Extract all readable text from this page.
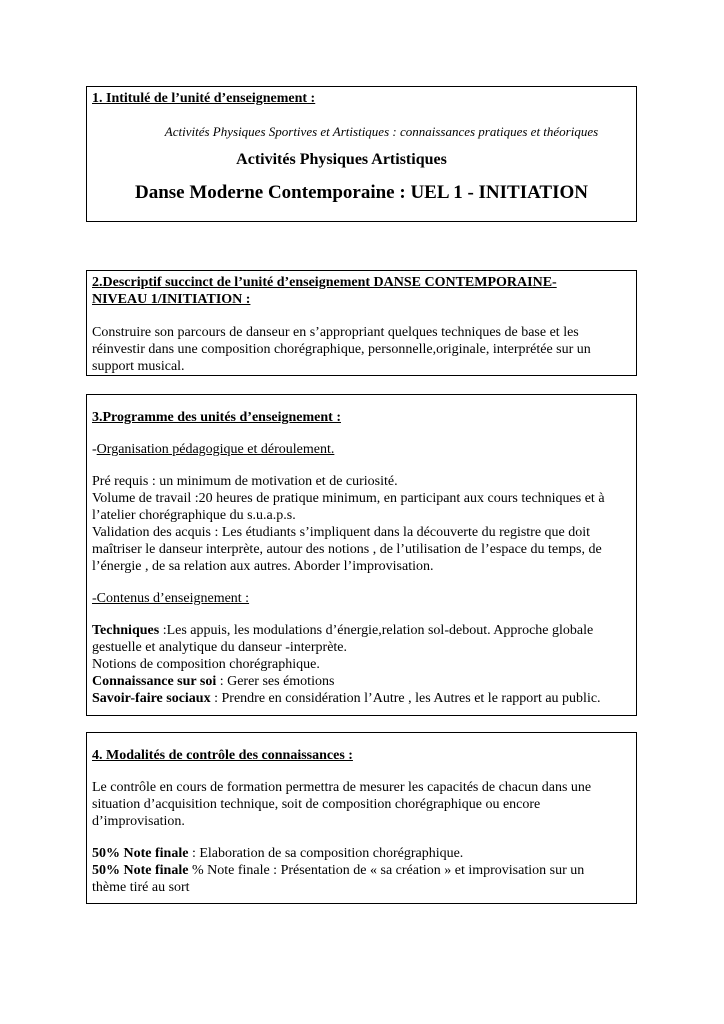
1. Intitulé de l’unité d’enseignement :

Activités Physiques Sportives et Artistiques : connaissances pratiques et théoriques

Activités Physiques Artistiques

Danse Moderne Contemporaine : UEL 1 - INITIATION

2.Descriptif succinct de l’unité d’enseignement DANSE CONTEMPORAINE-

NIVEAU 1/INITIATION :

Construire son parcours de danseur en s’appropriant quelques techniques de base et les

réinvestir dans une composition chorégraphique, personnelle,originale, interprétée sur un

support musical.

3.Programme des unités d’enseignement :

-Organisation pédagogique et déroulement.

Pré requis : un minimum de motivation et de curiosité.

Volume de travail :20 heures de pratique minimum, en participant aux cours techniques et à

l’atelier chorégraphique du s.u.a.p.s.

Validation des acquis : Les étudiants s’impliquent dans la découverte du registre que doit

maîtriser le danseur interprète, autour des notions , de l’utilisation de l’espace du temps, de

l’énergie , de sa relation aux autres. Aborder l’improvisation.

-Contenus d’enseignement :

Techniques :Les appuis, les modulations d’énergie,relation sol-debout. Approche globale

gestuelle et analytique du danseur -interprète.

Notions de composition chorégraphique.

Connaissance sur soi : Gerer ses émotions

Savoir-faire sociaux : Prendre en considération l’Autre , les Autres et le rapport au public.

4. Modalités de contrôle des connaissances :

Le contrôle en cours de formation permettra de mesurer les capacités de chacun dans une

situation d’acquisition technique, soit de composition chorégraphique ou encore

d’improvisation.

50% Note finale : Elaboration de sa composition chorégraphique.

50% Note finale % Note finale : Présentation de « sa création » et improvisation sur un

thème tiré au sort
